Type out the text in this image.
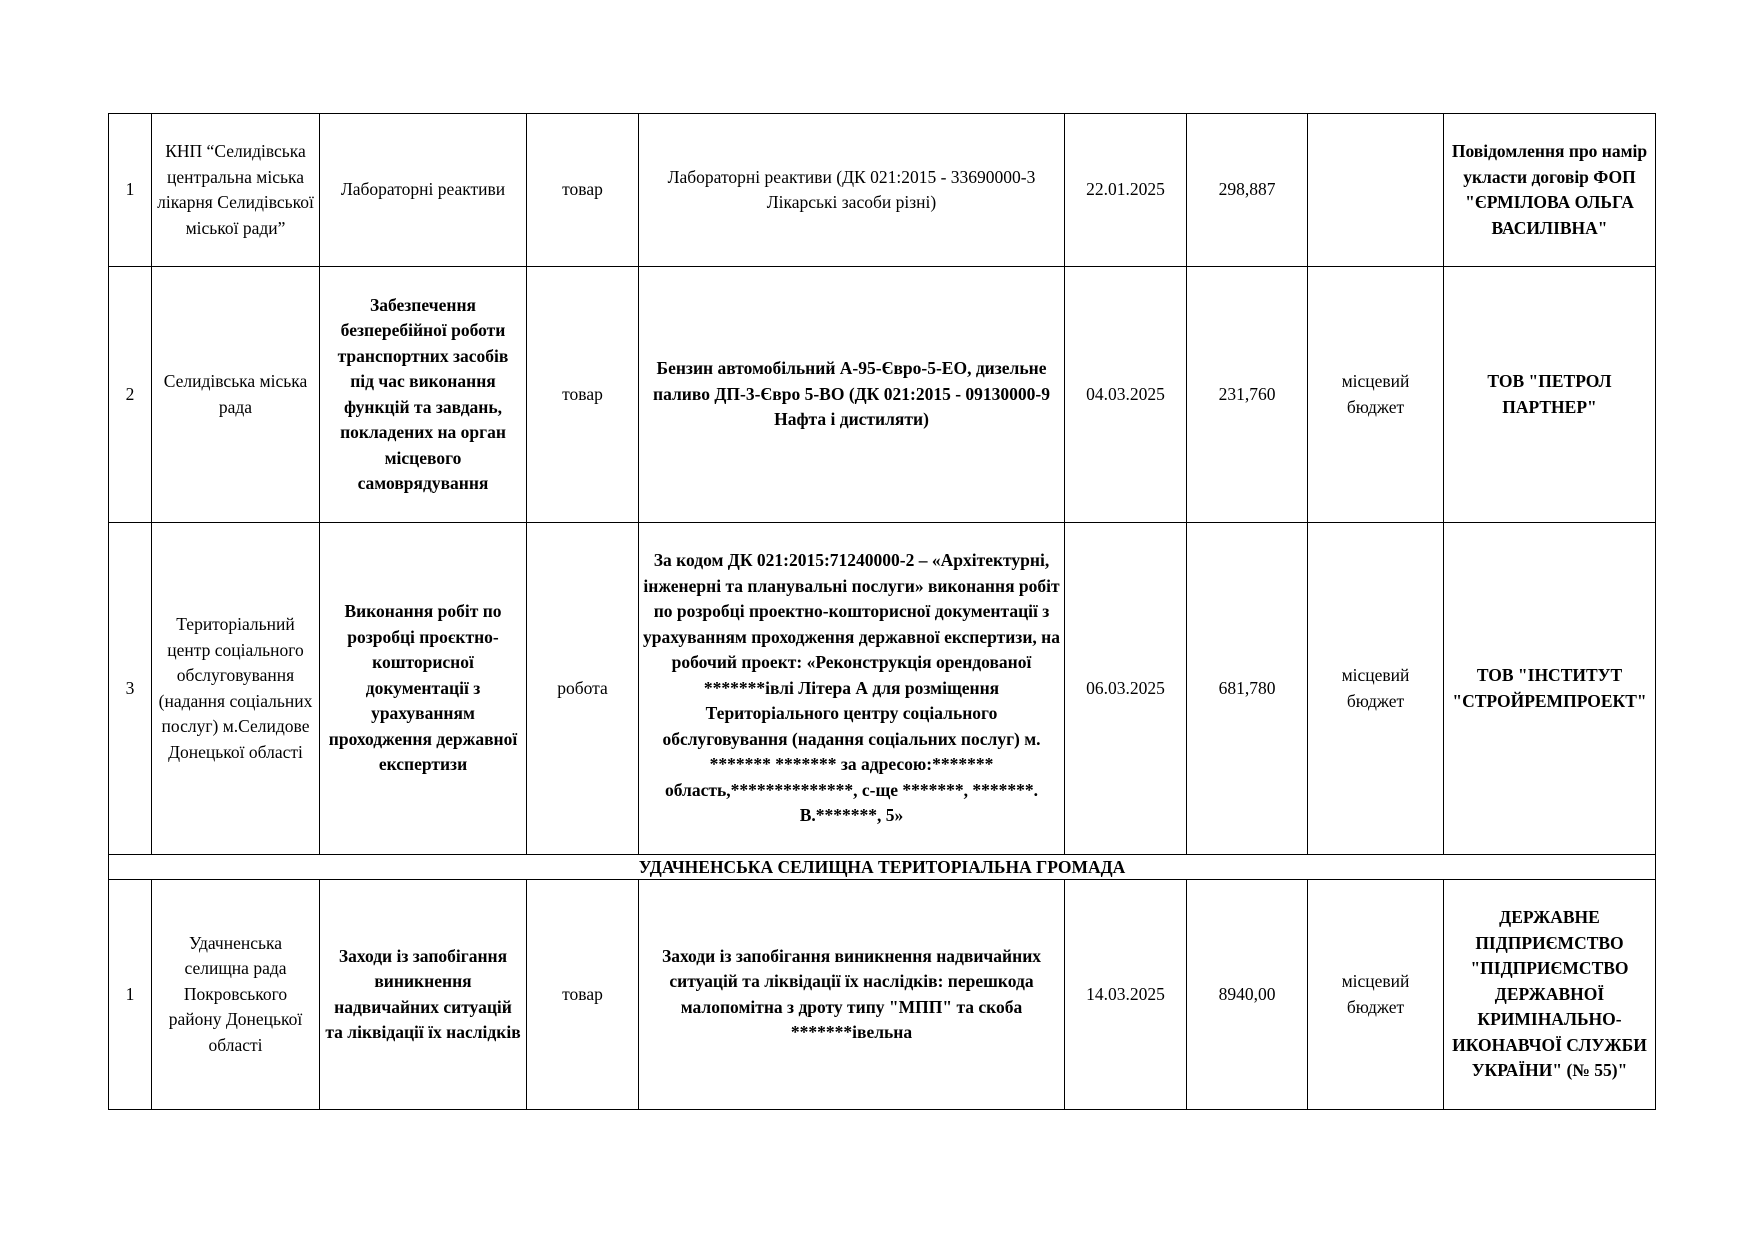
1	КНП “Селидівська центральна міська лікарня Селидівської міської ради”	Лабораторні реактиви	товар	Лабораторні реактиви (ДК 021:2015 - 33690000-3 Лікарські засоби різні)	22.01.2025	298,887		Повідомлення про намір укласти договір ФОП "ЄРМІЛОВА ОЛЬГА ВАСИЛІВНА"
2	Селидівська міська рада	Забезпечення безперебійної роботи транспортних засобів під час виконання функцій та завдань, покладених на орган місцевого самоврядування	товар	Бензин автомобільний А-95-Євро-5-ЕО, дизельне паливо ДП-3-Євро 5-ВО (ДК 021:2015 - 09130000-9 Нафта і дистиляти)	04.03.2025	231,760	місцевий бюджет	ТОВ "ПЕТРОЛ ПАРТНЕР"
3	Територіальний центр соціального обслуговування (надання соціальних послуг) м.Селидове Донецької області	Виконання робіт по розробці проєктно-кошторисної документації з урахуванням проходження державної експертизи	робота	За кодом ДК 021:2015:71240000-2 – «Архітектурні, інженерні та планувальні послуги» виконання робіт по розробці проектно-кошторисної документації з урахуванням проходження державної експертизи, на робочий проект: «Реконструкція орендованої *******івлі Літера А для розміщення Територіального центру соціального обслуговування (надання соціальних послуг) м. ******* ******* за адресою:******* область,**************, с-ще *******, *******. В.*******, 5»	06.03.2025	681,780	місцевий бюджет	ТОВ "ІНСТИТУТ "СТРОЙРЕМПРОЕКТ"
УДАЧНЕНСЬКА СЕЛИЩНА ТЕРИТОРІАЛЬНА ГРОМАДА								
1	Удачненська селищна рада Покровського району Донецької області	Заходи із запобігання виникнення надвичайних ситуацій та ліквідації їх наслідків	товар	Заходи із запобігання виникнення надвичайних ситуацій та ліквідації їх наслідків: перешкода малопомітна з дроту типу "МПП" та скоба *******івельна	14.03.2025	8940,00	місцевий бюджет	ДЕРЖАВНЕ ПІДПРИЄМСТВО "ПІДПРИЄМСТВО ДЕРЖАВНОЇ КРИМІНАЛЬНО-ИКОНАВЧОЇ СЛУЖБИ УКРАЇНИ" (№ 55)"
